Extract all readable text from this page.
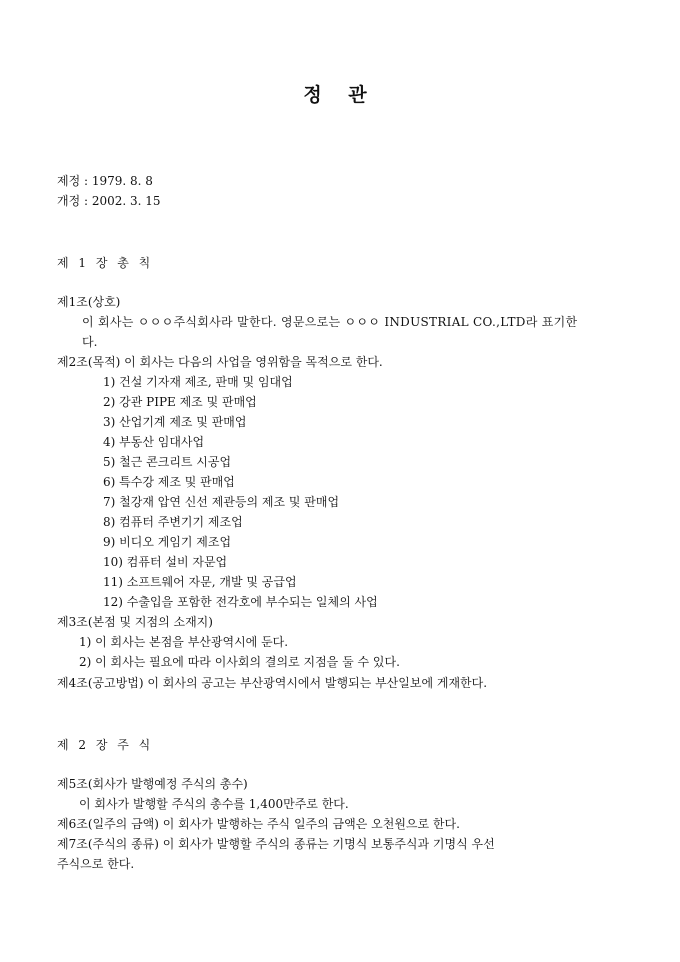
정 관
제정 : 1979. 8. 8
개정 : 2002. 3. 15
제 1 장 총 칙
제1조(상호)
이 회사는 ㅇㅇㅇ주식회사라 말한다. 영문으로는 ㅇㅇㅇ INDUSTRIAL CO.,LTD라 표기한
다.
제2조(목적) 이 회사는 다음의 사업을 영위함을 목적으로 한다.
1) 건설 기자재 제조, 판매 및 임대업
2) 강관 PIPE 제조 및 판매업
3) 산업기계 제조 및 판매업
4) 부동산 임대사업
5) 철근 콘크리트 시공업
6) 특수강 제조 및 판매업
7) 철강재 압연 신선 제관등의 제조 및 판매업
8) 컴퓨터 주변기기 제조업
9) 비디오 게임기 제조업
10) 컴퓨터 설비 자문업
11) 소프트웨어 자문, 개발 및 공급업
12) 수출입을 포함한 전각호에 부수되는 일체의 사업
제3조(본점 및 지점의 소재지)
1) 이 회사는 본점을 부산광역시에 둔다.
2) 이 회사는 필요에 따라 이사회의 결의로 지점을 둘 수 있다.
제4조(공고방법) 이 회사의 공고는 부산광역시에서 발행되는 부산일보에 게재한다.
제 2 장 주 식
제5조(회사가 발행예정 주식의 총수)
이 회사가 발행할 주식의 총수를 1,400만주로 한다.
제6조(일주의 금액) 이 회사가 발행하는 주식 일주의 금액은 오천원으로 한다.
제7조(주식의 종류) 이 회사가 발행할 주식의 종류는 기명식 보통주식과 기명식 우선
주식으로 한다.
